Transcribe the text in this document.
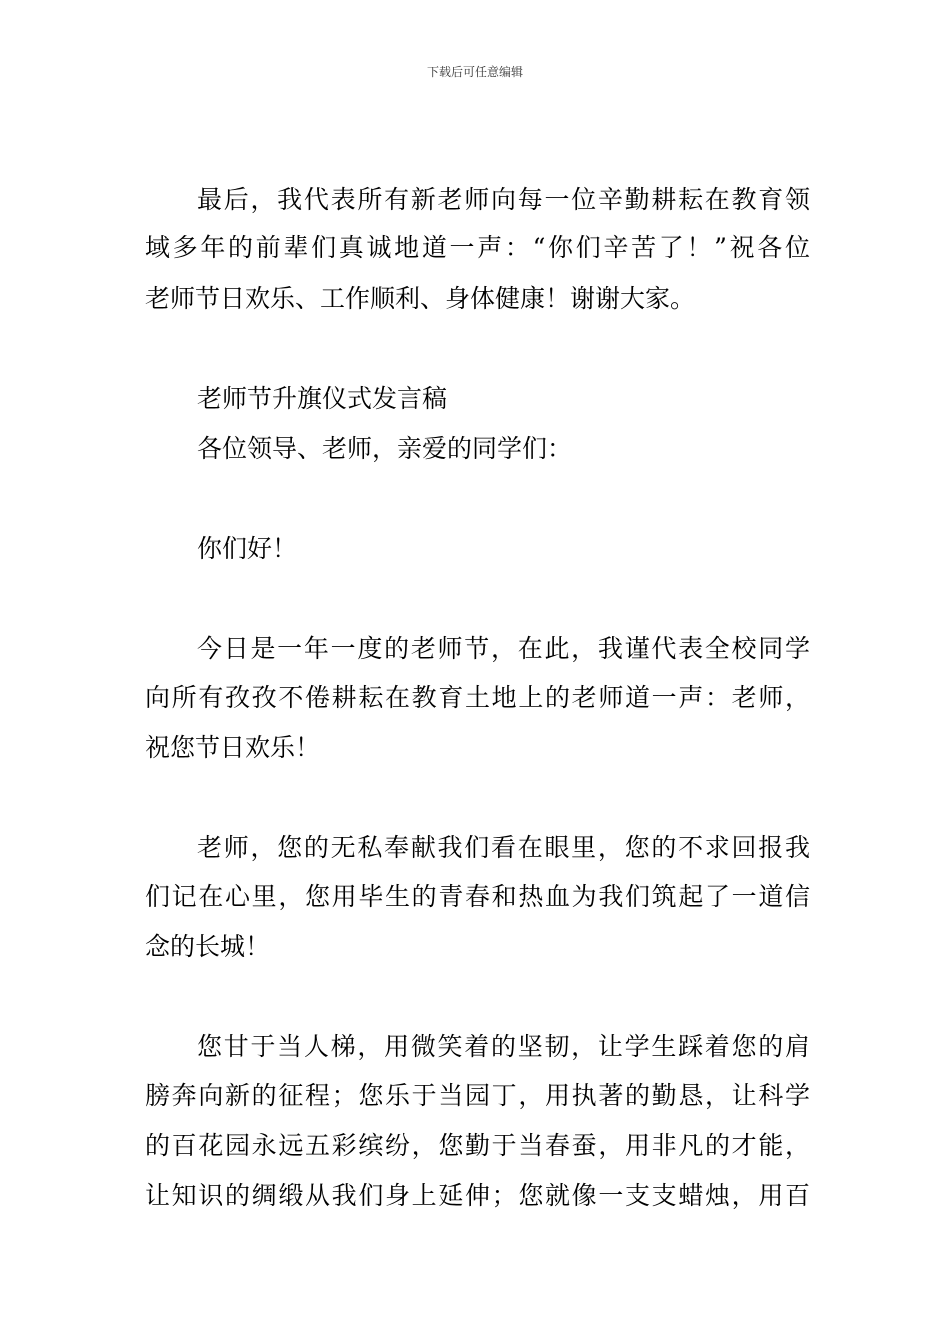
下载后可任意编辑
最后，我代表所有新老师向每一位辛勤耕耘在教育领
域多年的前辈们真诚地道一声：“你们辛苦了！”祝各位
老师节日欢乐、工作顺利、身体健康！谢谢大家。
老师节升旗仪式发言稿
各位领导、老师，亲爱的同学们：
你们好！
今日是一年一度的老师节，在此，我谨代表全校同学
向所有孜孜不倦耕耘在教育土地上的老师道一声：老师，
祝您节日欢乐！
老师，您的无私奉献我们看在眼里，您的不求回报我
们记在心里，您用毕生的青春和热血为我们筑起了一道信
念的长城！
您甘于当人梯，用微笑着的坚韧，让学生踩着您的肩
膀奔向新的征程；您乐于当园丁，用执著的勤恳，让科学
的百花园永远五彩缤纷，您勤于当春蚕，用非凡的才能，
让知识的绸缎从我们身上延伸；您就像一支支蜡烛，用百
